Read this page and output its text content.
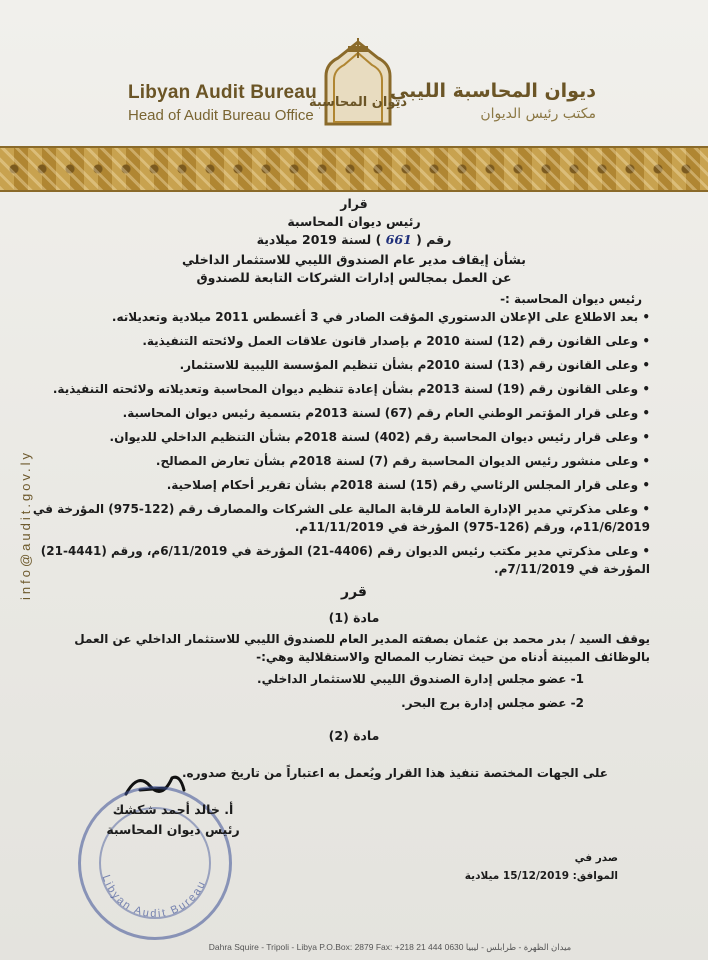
Libyan Audit Bureau
Head of Audit Bureau Office
ديوان المحاسبة
ديوان المحاسبة الليبي
مكتب رئيس الديوان
info@audit.gov.ly
قرار
رئيس ديوان المحاسبة
رقم ( 661 ) لسنة 2019 ميلادية
بشأن إيقاف مدير عام الصندوق الليبي للاستثمار الداخلي
عن العمل بمجالس إدارات الشركات التابعة للصندوق
رئيس ديوان المحاسبة :-
• بعد الاطلاع على الإعلان الدستوري المؤقت الصادر في 3 أغسطس 2011 ميلادية وتعديلاته.
• وعلى القانون رقم (12) لسنة 2010 م بإصدار قانون علاقات العمل ولائحته التنفيذية.
• وعلى القانون رقم (13) لسنة 2010م بشأن تنظيم المؤسسة الليبية للاستثمار.
• وعلى القانون رقم (19) لسنة 2013م بشأن إعادة تنظيم ديوان المحاسبة وتعديلاته ولائحته التنفيذية.
• وعلى قرار المؤتمر الوطني العام رقم (67) لسنة 2013م بتسمية رئيس ديوان المحاسبة.
• وعلى قرار رئيس ديوان المحاسبة رقم (402) لسنة 2018م بشأن التنظيم الداخلي للديوان.
• وعلى منشور رئيس الديوان المحاسبة رقم (7) لسنة 2018م بشأن تعارض المصالح.
• وعلى قرار المجلس الرئاسي رقم (15) لسنة 2018م بشأن تقرير أحكام إصلاحية.
• وعلى مذكرتي مدير الإدارة العامة للرقابة المالية على الشركات والمصارف رقم (122-975) المؤرخة في
11/6/2019م، ورقم (126-975) المؤرخة في 11/11/2019م.
• وعلى مذكرتي مدير مكتب رئيس الديوان رقم (4406-21) المؤرخة في 6/11/2019م، ورقم (4441-21)
المؤرخة في 7/11/2019م.
قرر
مادة (1)
يوقف السيد / بدر محمد بن عثمان بصفته المدير العام للصندوق الليبي للاستثمار الداخلي عن العمل
بالوظائف المبينة أدناه من حيث تضارب المصالح والاستقلالية وهي:-
1- عضو مجلس إدارة الصندوق الليبي للاستثمار الداخلي.
2- عضو مجلس إدارة برج البحر.
مادة (2)
على الجهات المختصة تنفيذ هذا القرار ويُعمل به اعتباراً من تاريخ صدوره.
Libyan Audit Bureau
أ. خالد أحمد شكشك
رئيس ديوان المحاسبة
صدر في
الموافق: 15/12/2019 ميلادية
Dahra Squire - Tripoli - Libya P.O.Box: 2879 Fax: +218 21 444 0630 ميدان الظهرة - طرابلس - ليبيا
